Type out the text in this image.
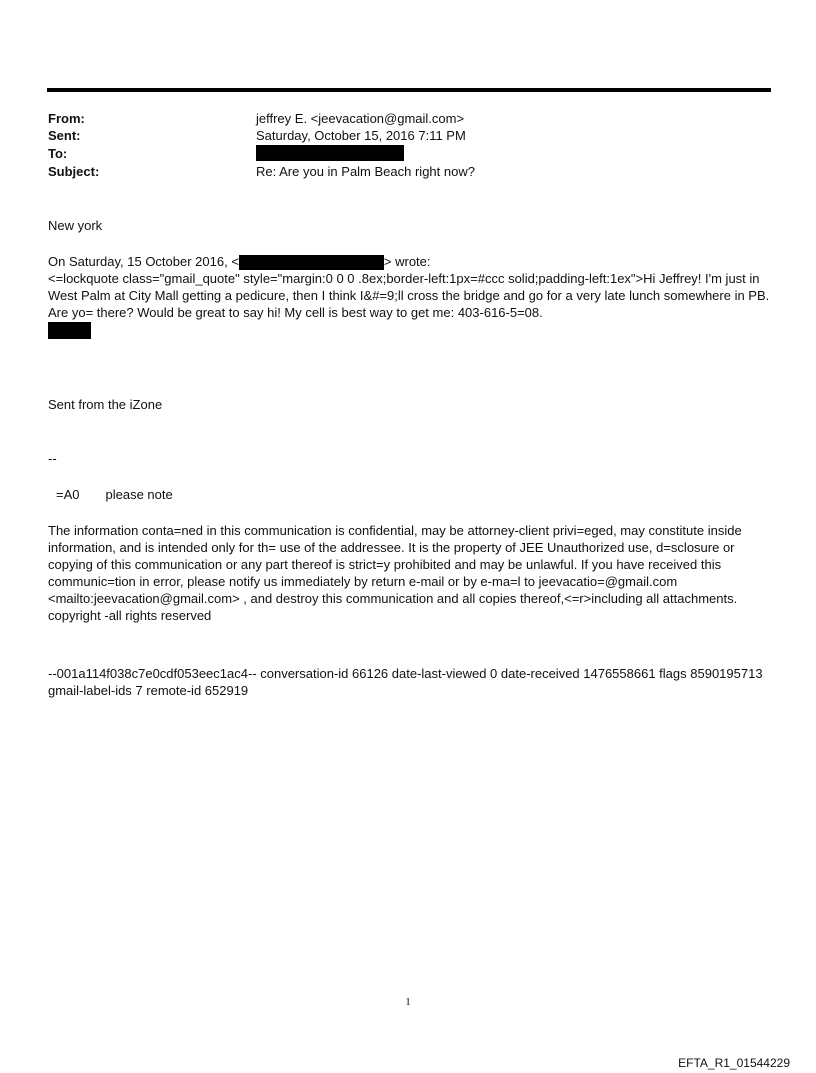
From:	jeffrey E. <jeevacation@gmail.com>
Sent:	Saturday, October 15, 2016 7:11 PM
To:
Subject:	Re: Are you in Palm Beach right now?
New york
On Saturday, 15 October 2016, <	> wrote:
<=lockquote class="gmail_quote" style="margin:0 0 0 .8ex;border-left:1px=#ccc solid;padding-left:1ex">Hi Jeffrey! I'm just in West Palm at City Mall getting a pedicure, then I think I&#=9;ll cross the bridge and go for a very late lunch somewhere in PB. Are yo= there? Would be great to say hi! My cell is best way to get me: 403-616-5=08.
Sent from the iZone
--
=A0 please note
The information conta=ned in this communication is confidential, may be attorney-client privi=eged, may constitute inside information, and is intended only for th= use of the addressee. It is the property of JEE Unauthorized use, d=sclosure or copying of this communication or any part thereof is strict=y prohibited and may be unlawful. If you have received this communic=tion in error, please notify us immediately by return e-mail or by e-ma=l to jeevacatio=@gmail.com <mailto:jeevacation@gmail.com> , and destroy this communication and all copies thereof,<=r>including all attachments. copyright -all rights reserved
--001a114f038c7e0cdf053eec1ac4-- conversation-id 66126 date-last-viewed 0 date-received 1476558661 flags 8590195713 gmail-label-ids 7 remote-id 652919
1
EFTA_R1_01544229
